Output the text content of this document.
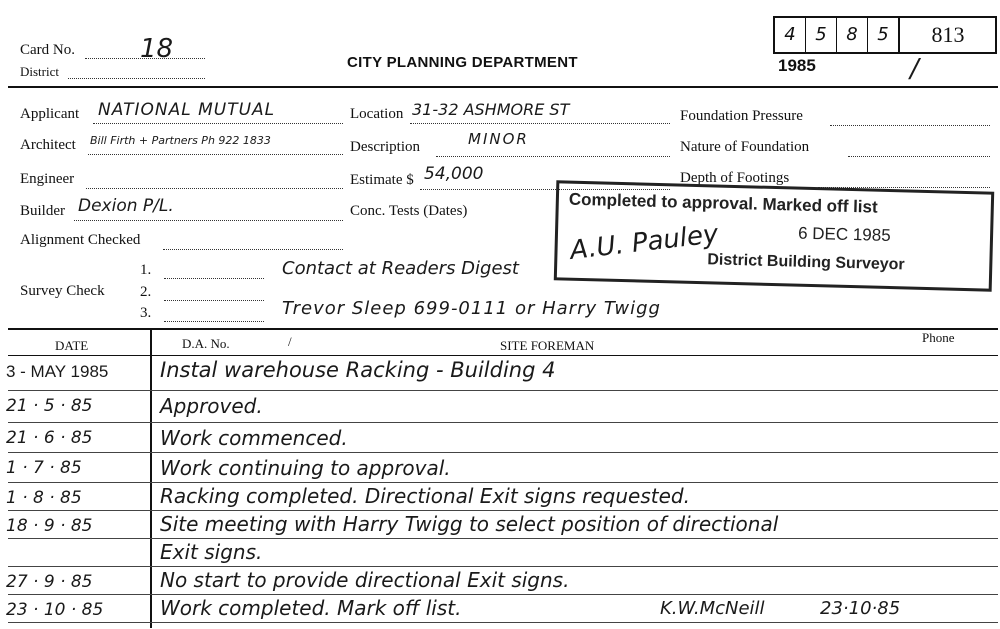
Card No.	18
District
CITY PLANNING DEPARTMENT
4	5	8	5	813
1985	/
Applicant NATIONAL MUTUAL
Architect Bill Firth + Partners Ph 922 1833
Engineer
Builder Dexion P/L.
Alignment Checked
Location 31-32 ASHMORE ST
Description	MINOR
Estimate $ 54,000
Conc. Tests (Dates)
Foundation Pressure
Nature of Foundation
Depth of Footings
Survey Check
1.
2.
3.
Contact at Readers Digest
Trevor Sleep 699-0111 or Harry Twigg
Completed to approval. Marked off list
A.U. Pauley	6 DEC 1985
District Building Surveyor
DATE	D.A. No.	/	SITE FOREMAN
Phone
3 - MAY 1985	Instal warehouse Racking - Building 4
21 · 5 · 85	Approved.
21 · 6 · 85	Work commenced.
1 · 7 · 85	Work continuing to approval.
1 · 8 · 85	Racking completed. Directional Exit signs requested.
18 · 9 · 85	Site meeting with Harry Twigg to select position of directional
Exit signs.
27 · 9 · 85	No start to provide directional Exit signs.
23 · 10 · 85	Work completed. Mark off list.	K.W.McNeill	23·10·85
